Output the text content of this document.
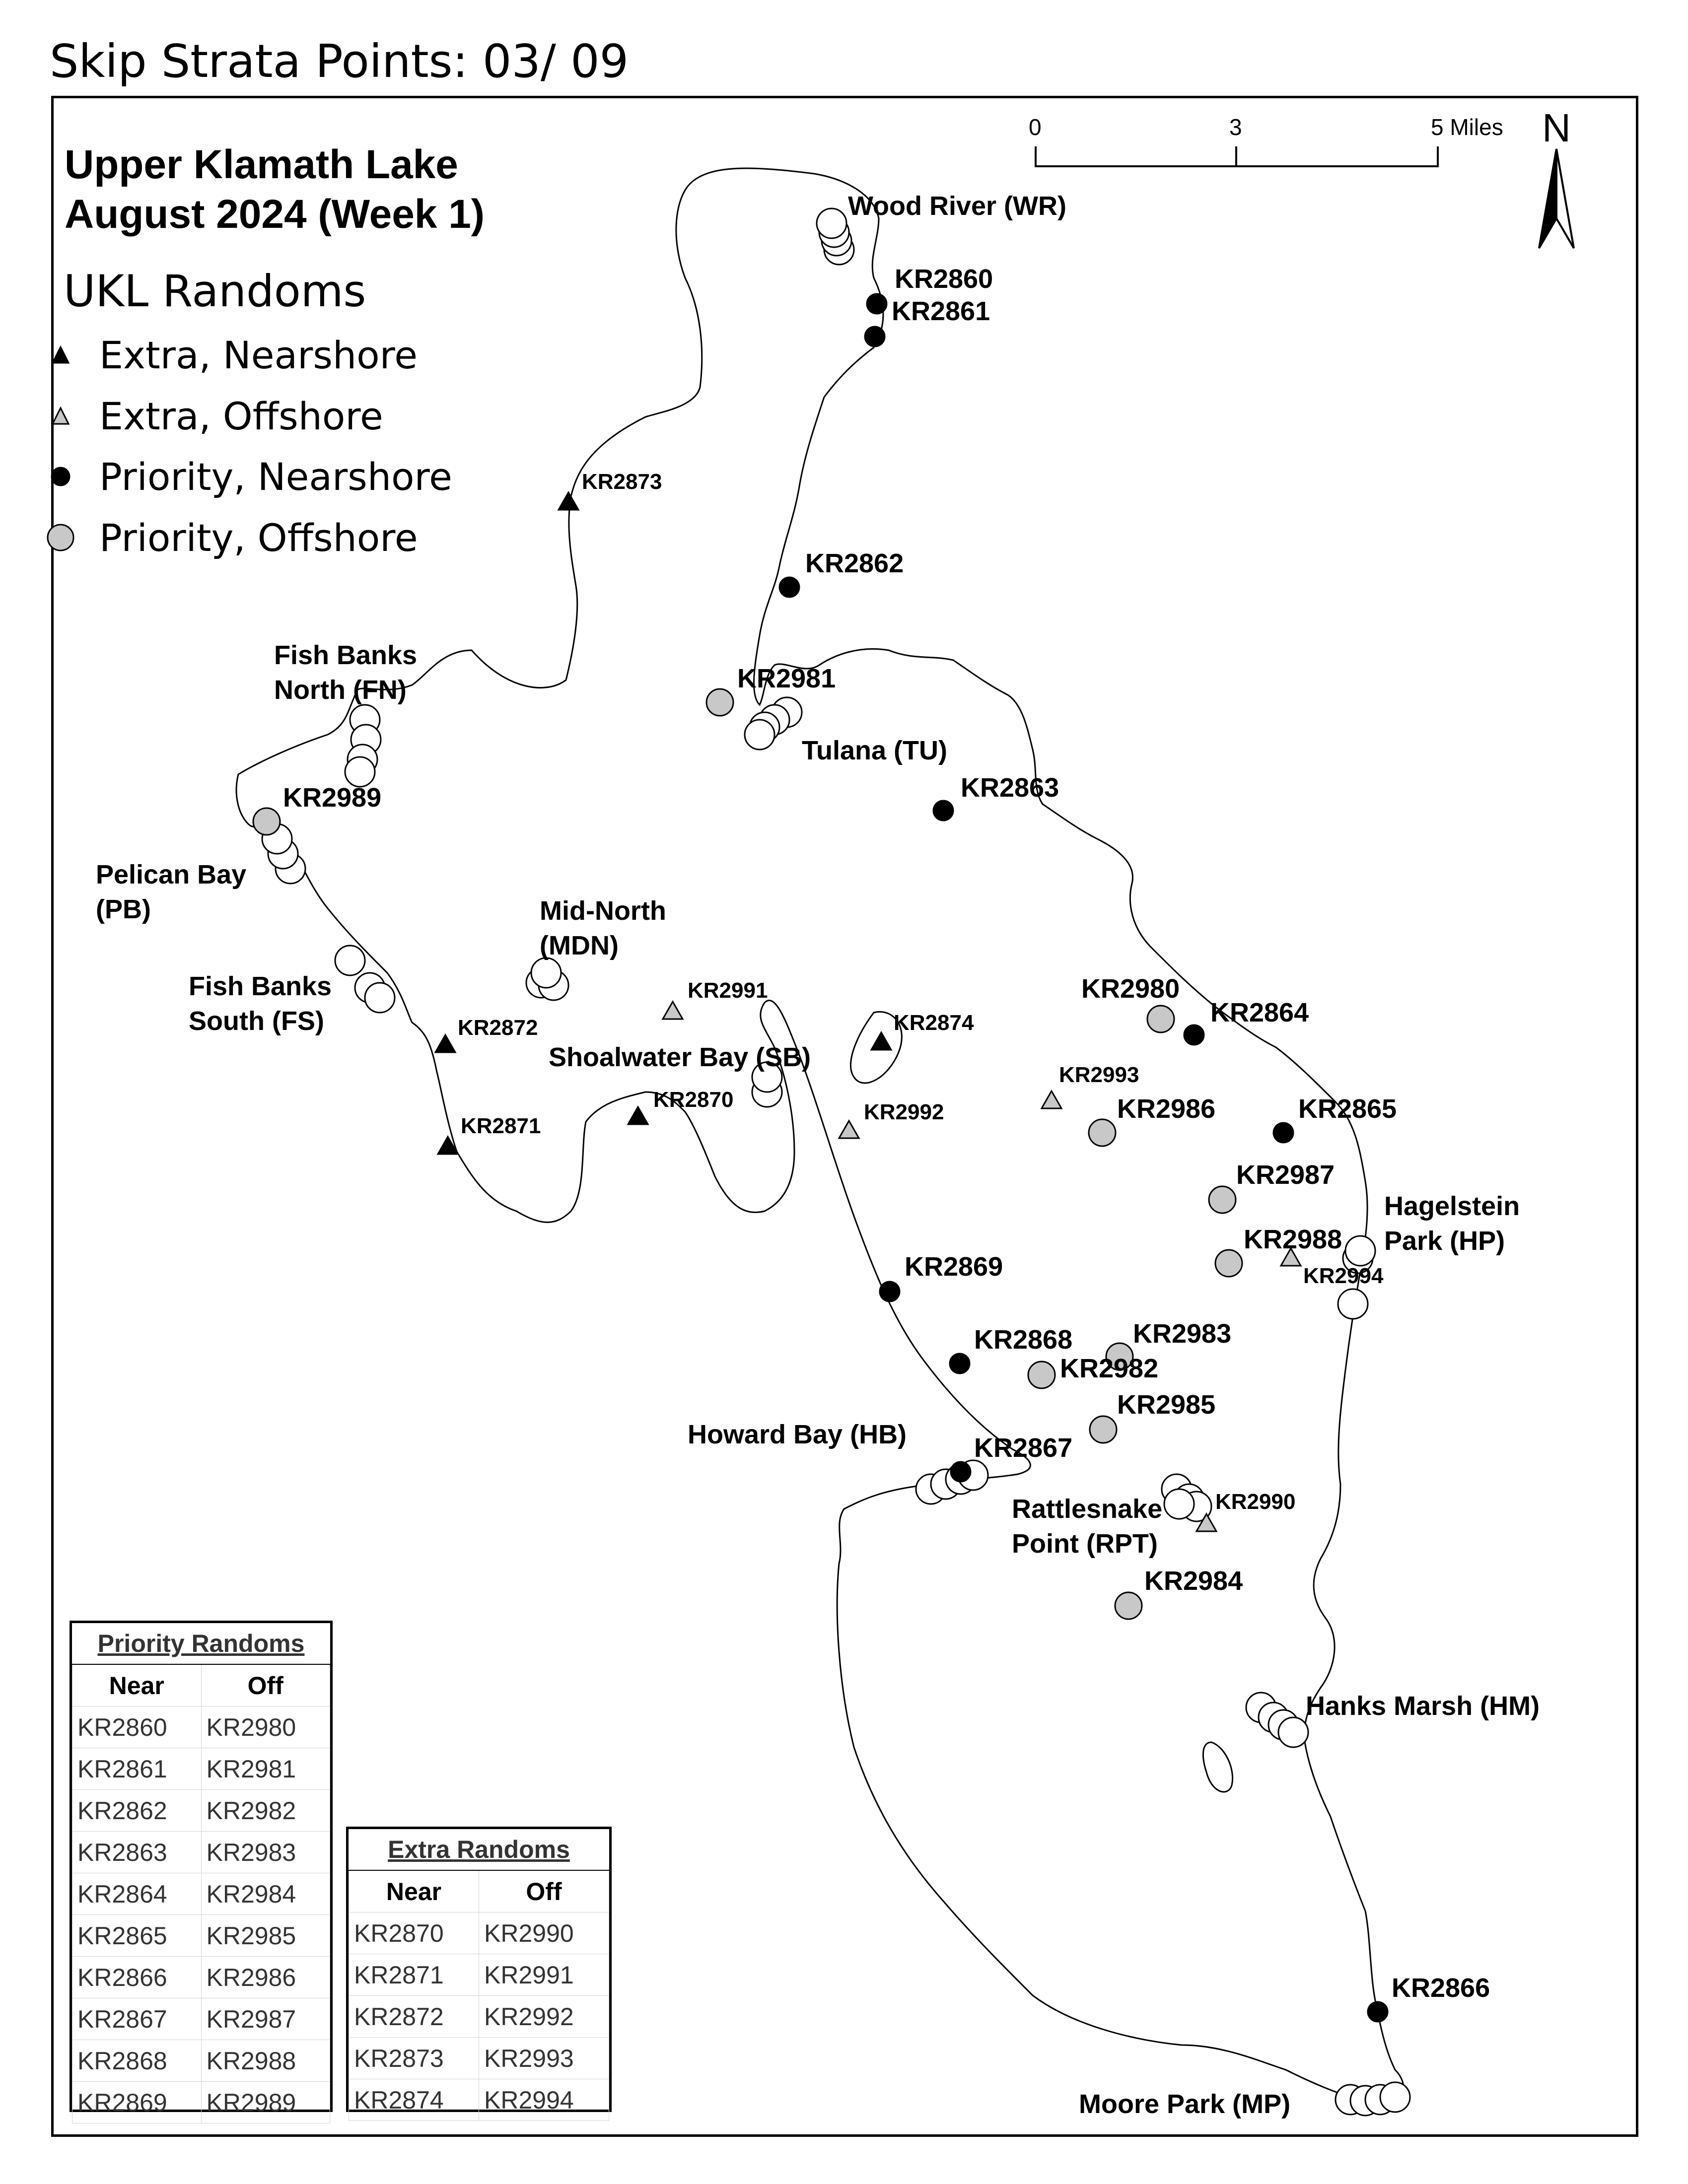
Skip Strata Points: 03/ 09
0	3	5 Miles N
Wood River (WR)
Fish Banks
North (FN)
Tulana (TU)
Pelican Bay
(PB)	Mid-North
(MDN)
Fish Banks
South (FS)
Shoalwater Bay (SB)
Hagelstein
Park (HP)
Howard Bay (HB)
Rattlesnake
Point (RPT)
Hanks Marsh (HM)
Moore Park (MP)
KR2860
KR2861
KR2873
KR2862
KR2981
KR2863
KR2989
KR2991
KR2874
KR2980
KR2864
KR2872
KR2870
KR2871
KR2992
KR2993
KR2986	KR2865
KR2987
KR2988
KR2994
KR2869
KR2868 KR2983
KR2982
KR2985
KR2867
KR2990
KR2984
KR2866
Upper Klamath Lake
August 2024 (Week 1)
UKL Randoms
Extra, Nearshore
Extra, Offshore
Priority, Nearshore
Priority, Offshore
Priority Randoms	
Near	Off
KR2860	KR2980
KR2861	KR2981
KR2862	KR2982
KR2863	KR2983
KR2864	KR2984
KR2865	KR2985
KR2866	KR2986
KR2867	KR2987
KR2868	KR2988
KR2869	KR2989
Extra Randoms	
Near	Off
KR2870	KR2990
KR2871	KR2991
KR2872	KR2992
KR2873	KR2993
KR2874	KR2994
